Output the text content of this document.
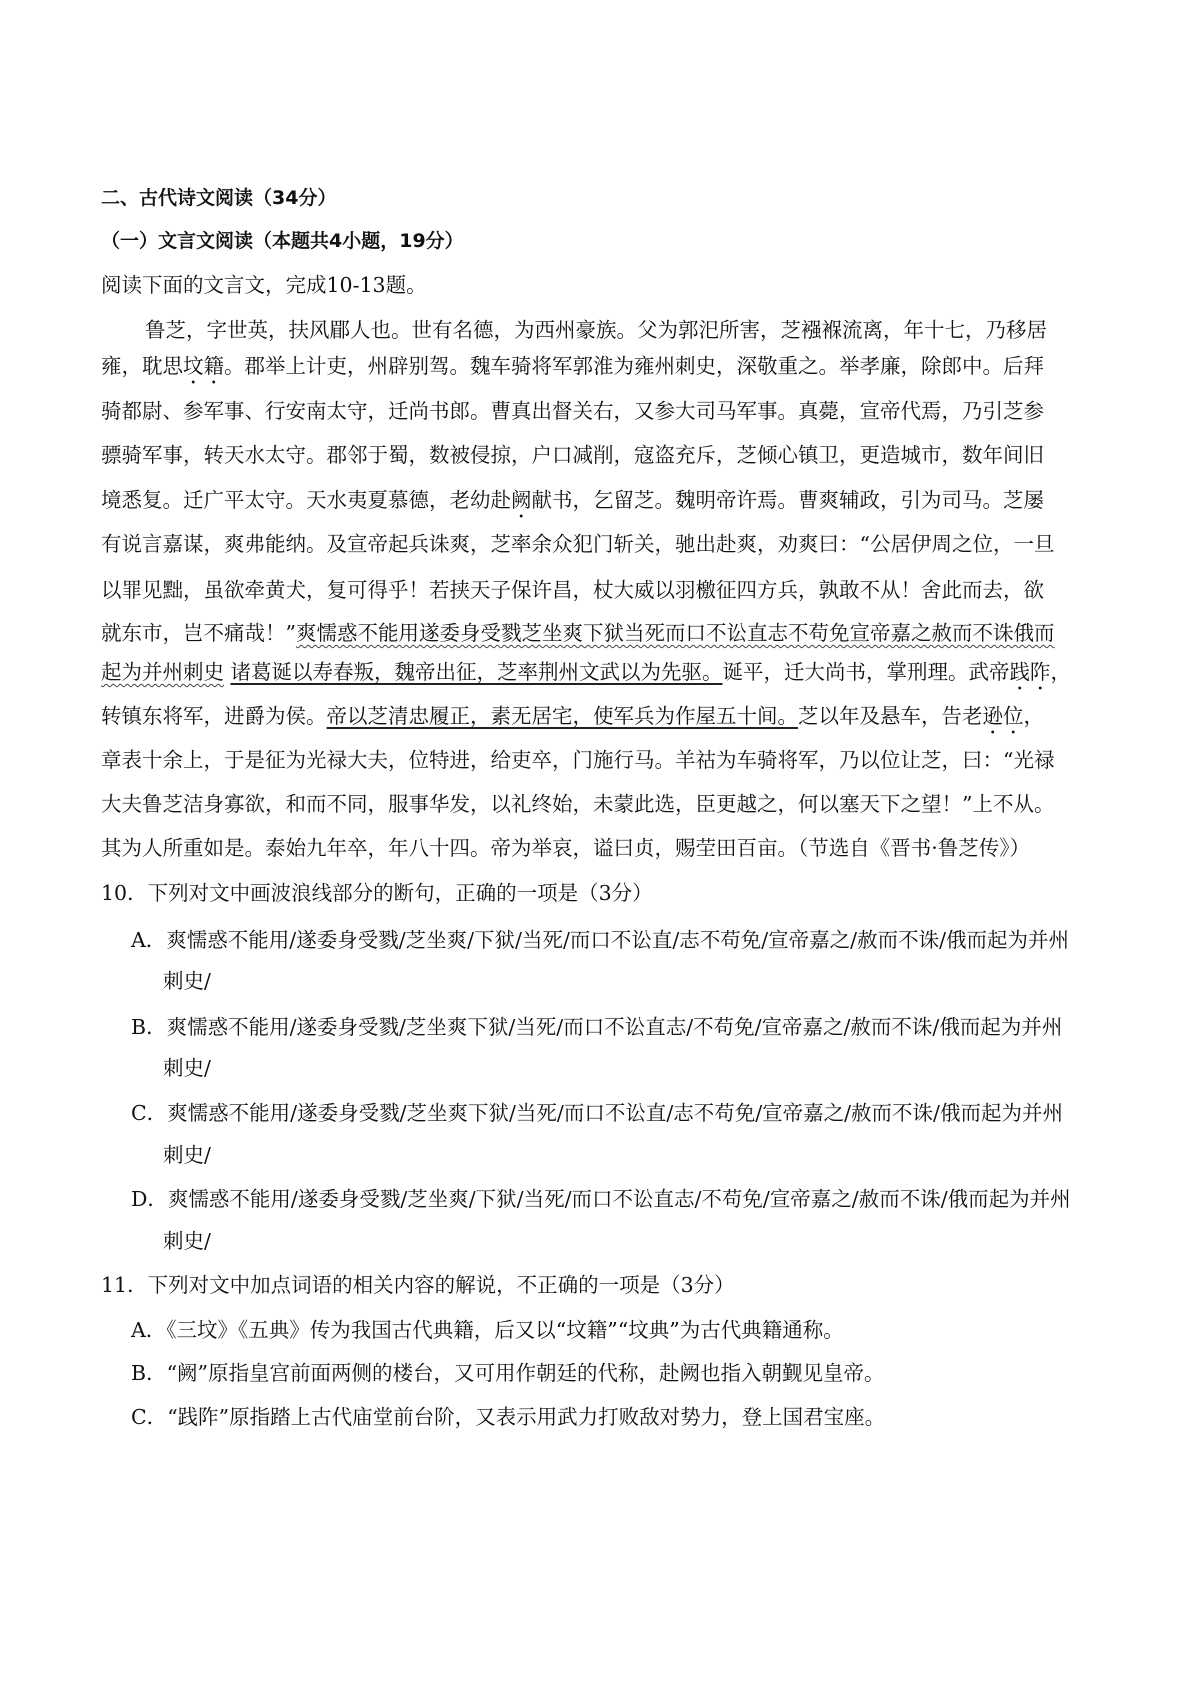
二、古代诗文阅读（34分）
（一）文言文阅读（本题共4小题，19分）
阅读下面的文言文，完成10-13题。
鲁芝，字世英，扶风郿人也。世有名德，为西州豪族。父为郭汜所害，芝襁褓流离，年十七，乃移居
雍，耽思坟籍。郡举上计吏，州辟别驾。魏车骑将军郭淮为雍州刺史，深敬重之。举孝廉，除郎中。后拜
骑都尉、参军事、行安南太守，迁尚书郎。曹真出督关右，又参大司马军事。真薨，宣帝代焉，乃引芝参
骠骑军事，转天水太守。郡邻于蜀，数被侵掠，户口减削，寇盗充斥，芝倾心镇卫，更造城市，数年间旧
境悉复。迁广平太守。天水夷夏慕德，老幼赴阙献书，乞留芝。魏明帝许焉。曹爽辅政，引为司马。芝屡
有说言嘉谋，爽弗能纳。及宣帝起兵诛爽，芝率余众犯门斩关，驰出赴爽，劝爽曰：“公居伊周之位，一旦
以罪见黜，虽欲牵黄犬，复可得乎！若挟天子保许昌，杖大威以羽檄征四方兵，孰敢不从！舍此而去，欲
就东市，岂不痛哉！”爽懦惑不能用遂委身受戮芝坐爽下狱当死而口不讼直志不苟免宣帝嘉之赦而不诛俄而
起为并州刺史 诸葛诞以寿春叛，魏帝出征，芝率荆州文武以为先驱。诞平，迁大尚书，掌刑理。武帝践阼，
转镇东将军，进爵为侯。帝以芝清忠履正，素无居宅，使军兵为作屋五十间。芝以年及悬车，告老逊位，
章表十余上，于是征为光禄大夫，位特进，给吏卒，门施行马。羊祜为车骑将军，乃以位让芝，曰：“光禄
大夫鲁芝洁身寡欲，和而不同，服事华发，以礼终始，未蒙此选，臣更越之，何以塞天下之望！”上不从。
其为人所重如是。泰始九年卒，年八十四。帝为举哀，谥曰贞，赐茔田百亩。（节选自《晋书·鲁芝传》）
10．下列对文中画波浪线部分的断句，正确的一项是（3分）
A． 爽懦惑不能用/遂委身受戮/芝坐爽/下狱/当死/而口不讼直/志不苟免/宣帝嘉之/赦而不诛/俄而起为并州
刺史/
B． 爽懦惑不能用/遂委身受戮/芝坐爽下狱/当死/而口不讼直志/不苟免/宣帝嘉之/赦而不诛/俄而起为并州
刺史/
C． 爽懦惑不能用/遂委身受戮/芝坐爽下狱/当死/而口不讼直/志不苟免/宣帝嘉之/赦而不诛/俄而起为并州
刺史/
D． 爽懦惑不能用/遂委身受戮/芝坐爽/下狱/当死/而口不讼直志/不苟免/宣帝嘉之/赦而不诛/俄而起为并州
刺史/
11．下列对文中加点词语的相关内容的解说，不正确的一项是（3分）
A．《三坟》《五典》传为我国古代典籍，后又以“坟籍”“坟典”为古代典籍通称。
B．“阙”原指皇宫前面两侧的楼台，又可用作朝廷的代称，赴阙也指入朝觐见皇帝。
C．“践阼”原指踏上古代庙堂前台阶，又表示用武力打败敌对势力，登上国君宝座。
